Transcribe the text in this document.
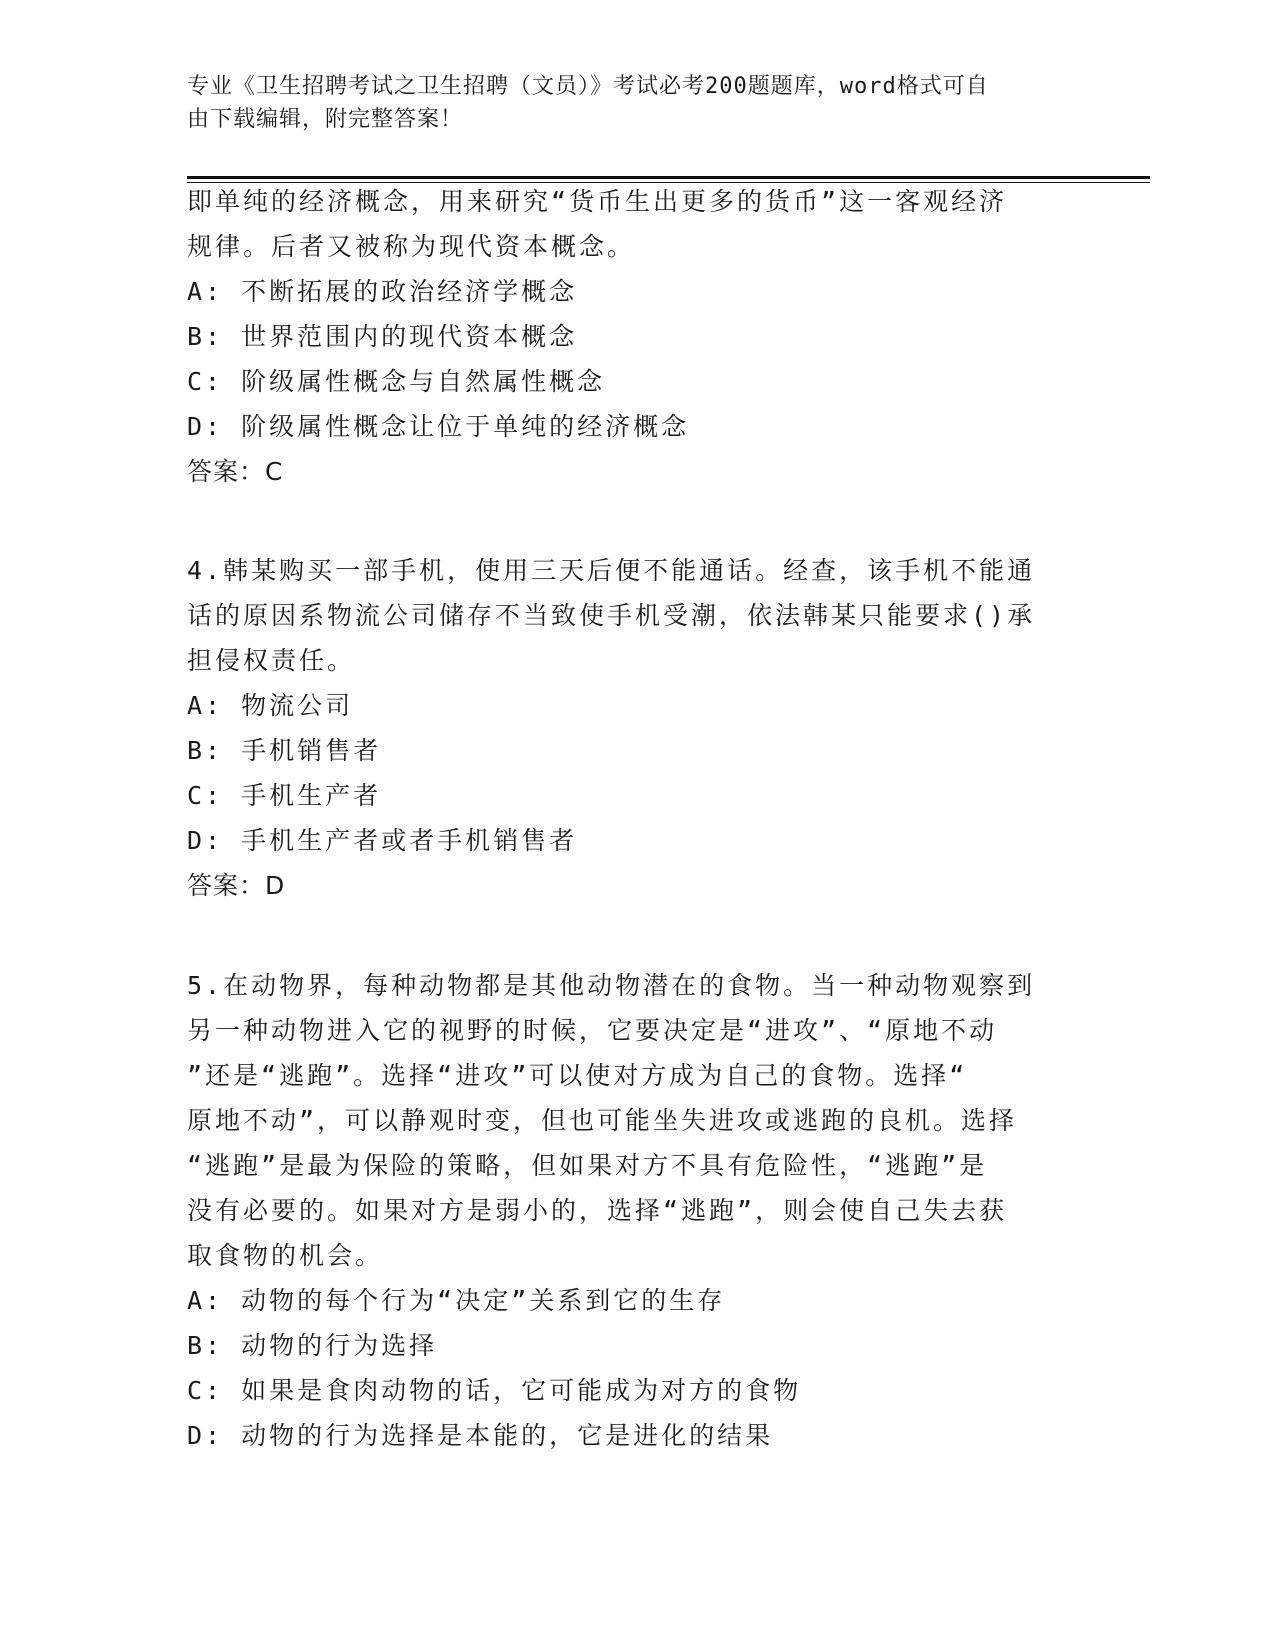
专业《卫生招聘考试之卫生招聘（文员）》考试必考200题题库，word格式可自
由下载编辑，附完整答案！

即单纯的经济概念，用来研究“货币生出更多的货币”这一客观经济

规律。后者又被称为现代资本概念。

A: 不断拓展的政治经济学概念

B: 世界范围内的现代资本概念

C: 阶级属性概念与自然属性概念

D: 阶级属性概念让位于单纯的经济概念

答案：C

4.韩某购买一部手机，使用三天后便不能通话。经查，该手机不能通

话的原因系物流公司储存不当致使手机受潮，依法韩某只能要求()承

担侵权责任。

A: 物流公司

B: 手机销售者

C: 手机生产者

D: 手机生产者或者手机销售者

答案：D

5.在动物界，每种动物都是其他动物潜在的食物。当一种动物观察到

另一种动物进入它的视野的时候，它要决定是“进攻”、“原地不动

”还是“逃跑”。选择“进攻”可以使对方成为自己的食物。选择“

原地不动”，可以静观时变，但也可能坐失进攻或逃跑的良机。选择

“逃跑”是最为保险的策略，但如果对方不具有危险性，“逃跑”是

没有必要的。如果对方是弱小的，选择“逃跑”，则会使自己失去获

取食物的机会。

A: 动物的每个行为“决定”关系到它的生存

B: 动物的行为选择

C: 如果是食肉动物的话，它可能成为对方的食物

D: 动物的行为选择是本能的，它是进化的结果
